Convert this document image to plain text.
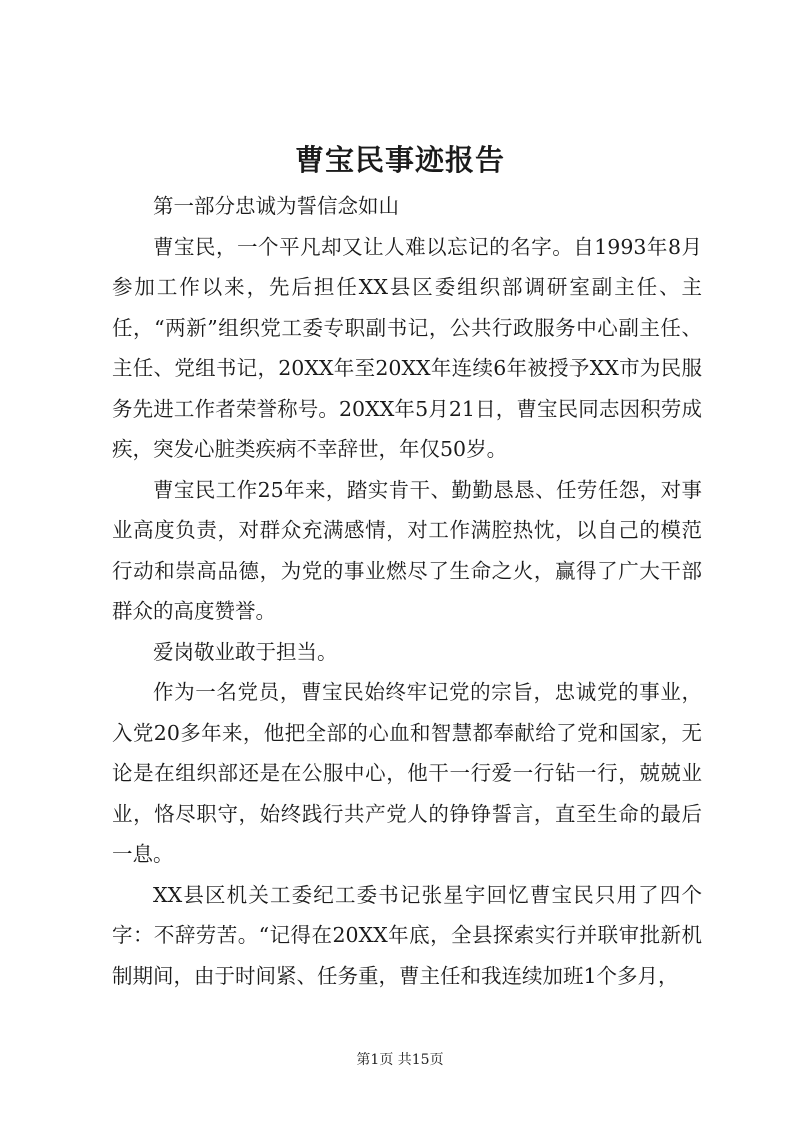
曹宝民事迹报告

第一部分忠诚为誓信念如山

曹宝民，一个平凡却又让人难以忘记的名字。自1993年8月参加工作以来，先后担任XX县区委组织部调研室副主任、主任，“两新”组织党工委专职副书记，公共行政服务中心副主任、主任、党组书记，20XX年至20XX年连续6年被授予XX市为民服务先进工作者荣誉称号。20XX年5月21日，曹宝民同志因积劳成疾，突发心脏类疾病不幸辞世，年仅50岁。

曹宝民工作25年来，踏实肯干、勤勤恳恳、任劳任怨，对事业高度负责，对群众充满感情，对工作满腔热忱，以自己的模范行动和崇高品德，为党的事业燃尽了生命之火，赢得了广大干部群众的高度赞誉。

爱岗敬业敢于担当。

作为一名党员，曹宝民始终牢记党的宗旨，忠诚党的事业，入党20多年来，他把全部的心血和智慧都奉献给了党和国家，无论是在组织部还是在公服中心，他干一行爱一行钻一行，兢兢业业，恪尽职守，始终践行共产党人的铮铮誓言，直至生命的最后一息。

XX县区机关工委纪工委书记张星宇回忆曹宝民只用了四个字：不辞劳苦。“记得在20XX年底，全县探索实行并联审批新机制期间，由于时间紧、任务重，曹主任和我连续加班1个多月，

第1页 共15页
